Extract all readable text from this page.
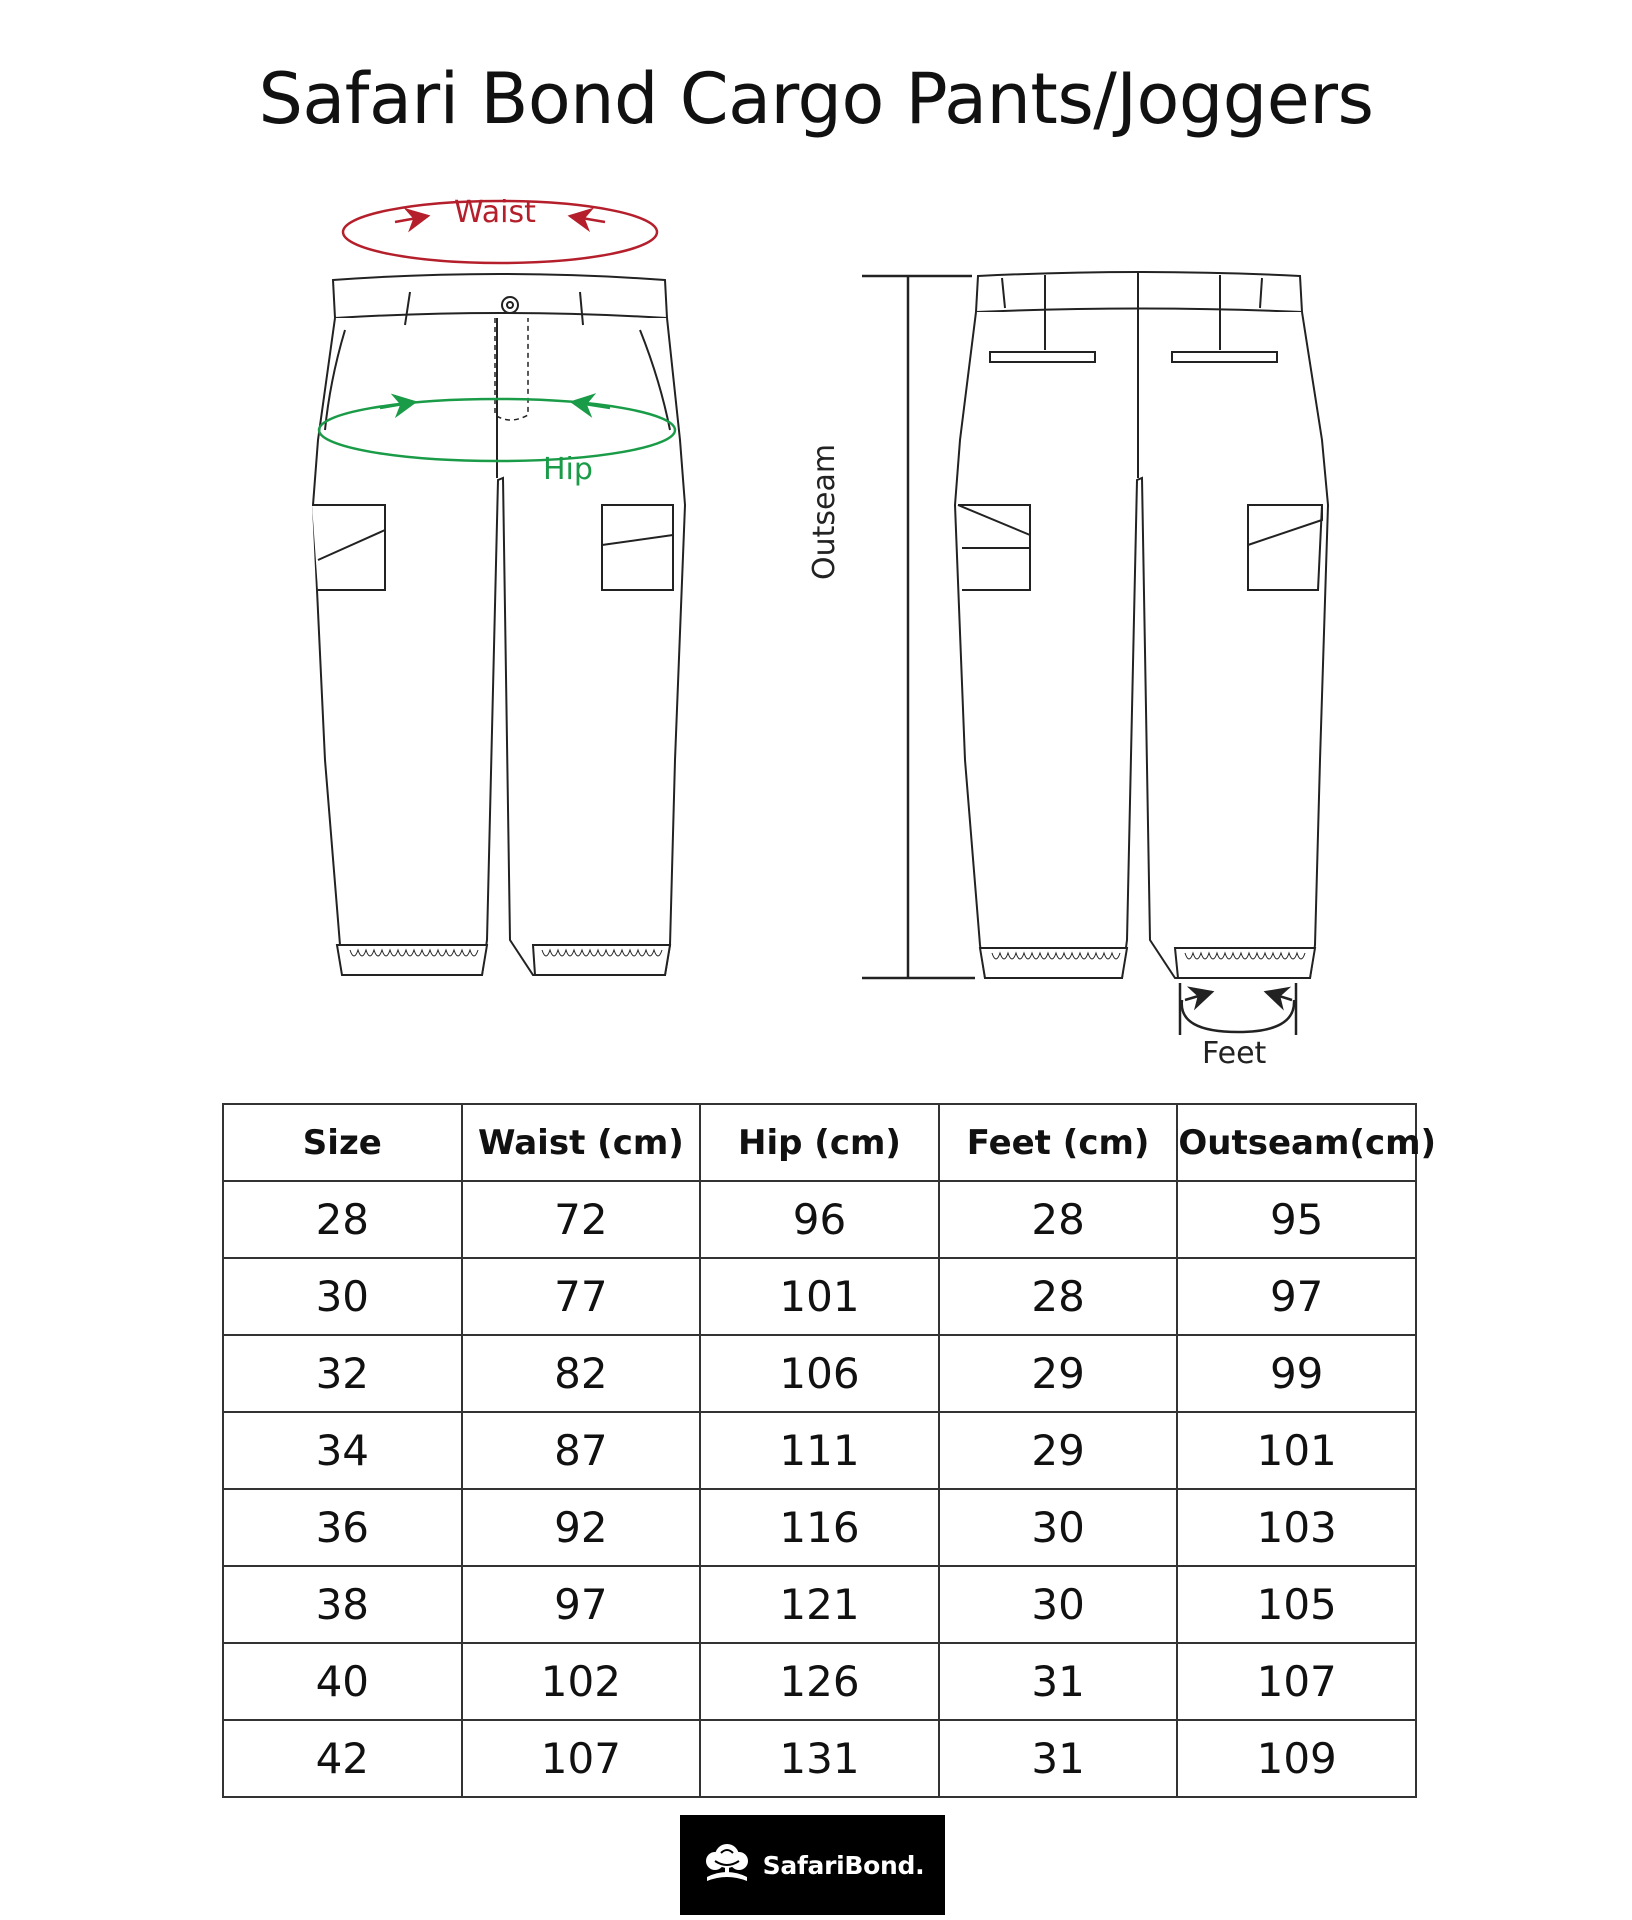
Safari Bond Cargo Pants/Joggers
Waist
Hip	Outseam
Feet
Size	Waist (cm)	Hip (cm)	Feet (cm)	Outseam(cm)
28	72	96	28	95
30	77	101	28	97
32	82	106	29	99
34	87	111	29	101
36	92	116	30	103
38	97	121	30	105
40	102	126	31	107
42	107	131	31	109
SafariBond.
